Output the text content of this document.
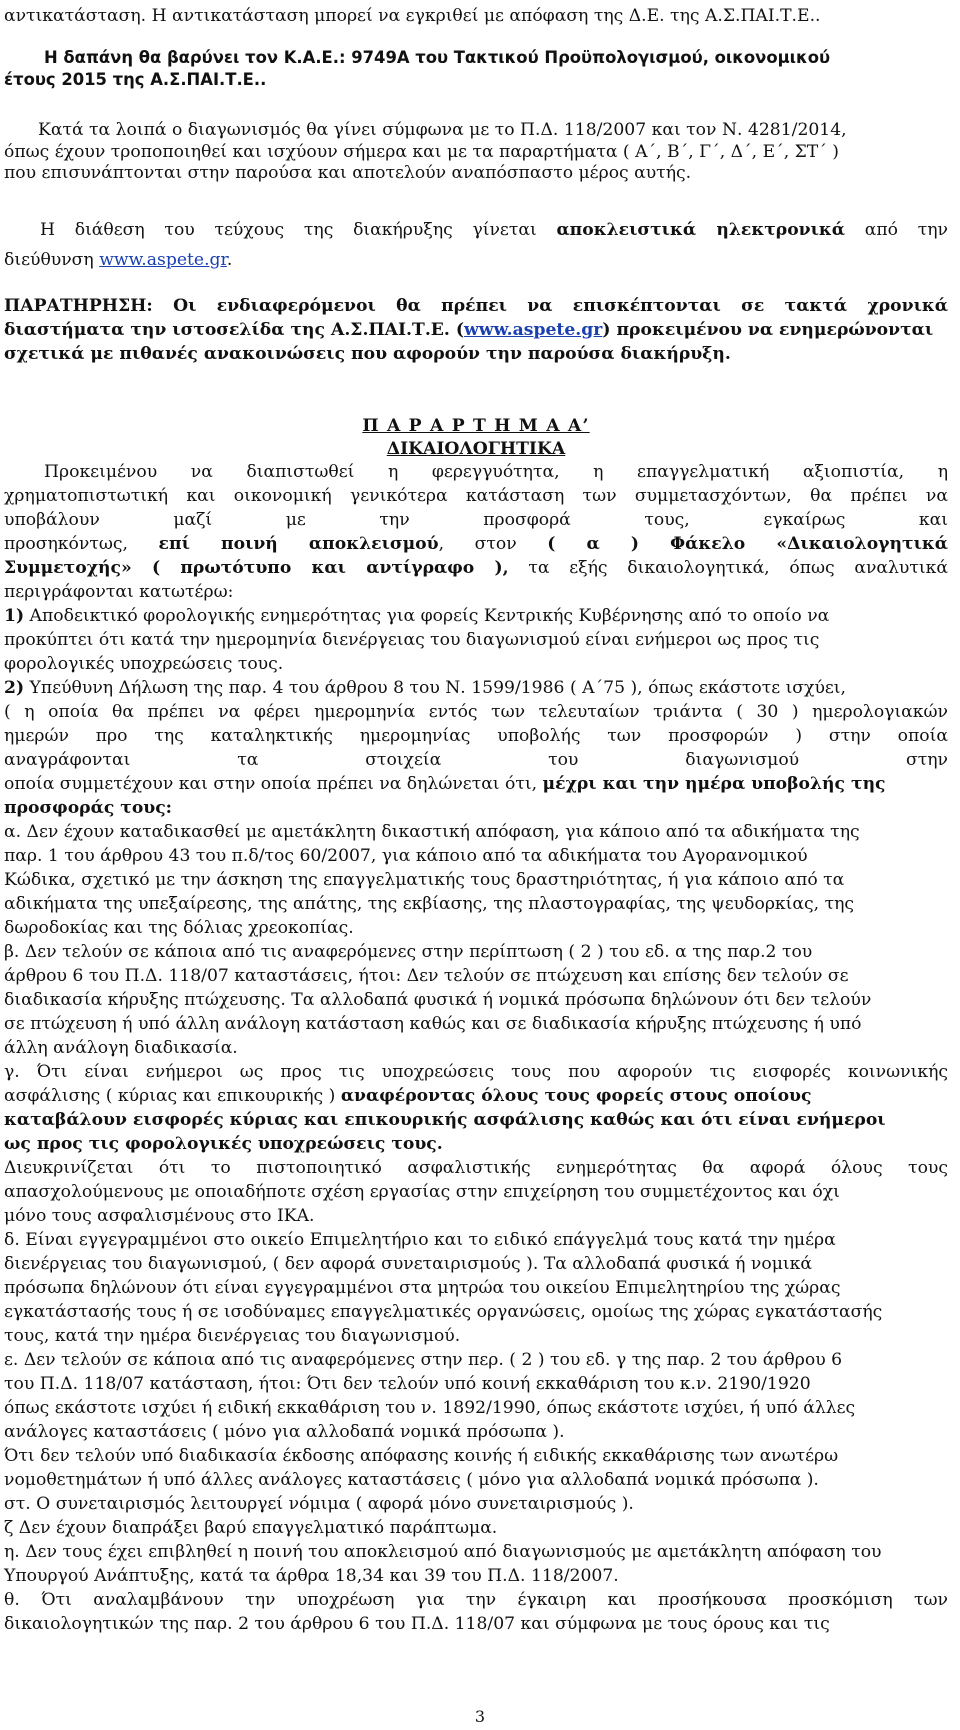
αντικατάσταση. Η αντικατάσταση μπορεί να εγκριθεί με απόφαση της Δ.Ε. της Α.Σ.ΠΑΙ.Τ.Ε..
Η δαπάνη θα βαρύνει τον Κ.Α.Ε.: 9749Α του Τακτικού Προϋπολογισμού, οικονομικού
έτους 2015 της Α.Σ.ΠΑΙ.Τ.Ε..
Κατά τα λοιπά ο διαγωνισμός θα γίνει σύμφωνα με το Π.Δ. 118/2007 και τον Ν. 4281/2014,
όπως έχουν τροποποιηθεί και ισχύουν σήμερα και με τα παραρτήματα ( Α΄, Β΄, Γ΄, Δ΄, Ε΄, ΣΤ΄ )
που επισυνάπτονται στην παρούσα και αποτελούν αναπόσπαστο μέρος αυτής.
Η διάθεση του τεύχους της διακήρυξης γίνεται αποκλειστικά ηλεκτρονικά από την
διεύθυνση www.aspete.gr.
ΠΑΡΑΤΗΡΗΣΗ: Οι ενδιαφερόμενοι θα πρέπει να επισκέπτονται σε τακτά χρονικά
διαστήματα την ιστοσελίδα της Α.Σ.ΠΑΙ.Τ.Ε. (www.aspete.gr) προκειμένου να ενημερώνονται
σχετικά με πιθανές ανακοινώσεις που αφορούν την παρούσα διακήρυξη.
Π Α Ρ Α Ρ Τ Η Μ Α Α’
ΔΙΚΑΙΟΛΟΓΗΤΙΚΑ
Προκειμένου να διαπιστωθεί η φερεγγυότητα, η επαγγελματική αξιοπιστία, η
χρηματοπιστωτική και οικονομική γενικότερα κατάσταση των συμμετασχόντων, θα πρέπει να
υποβάλουν μαζί με την προσφορά τους, εγκαίρως και
προσηκόντως, επί ποινή αποκλεισμού, στον ( α ) Φάκελο «Δικαιολογητικά
Συμμετοχής» ( πρωτότυπο και αντίγραφο ), τα εξής δικαιολογητικά, όπως αναλυτικά
περιγράφονται κατωτέρω:
1) Αποδεικτικό φορολογικής ενημερότητας για φορείς Κεντρικής Κυβέρνησης από το οποίο να
προκύπτει ότι κατά την ημερομηνία διενέργειας του διαγωνισμού είναι ενήμεροι ως προς τις
φορολογικές υποχρεώσεις τους.
2) Υπεύθυνη Δήλωση της παρ. 4 του άρθρου 8 του Ν. 1599/1986 ( Α΄75 ), όπως εκάστοτε ισχύει,
( η οποία θα πρέπει να φέρει ημερομηνία εντός των τελευταίων τριάντα ( 30 ) ημερολογιακών
ημερών προ της καταληκτικής ημερομηνίας υποβολής των προσφορών ) στην οποία
αναγράφονται τα στοιχεία του διαγωνισμού στην
οποία συμμετέχουν και στην οποία πρέπει να δηλώνεται ότι, μέχρι και την ημέρα υποβολής της
προσφοράς τους:
α. Δεν έχουν καταδικασθεί με αμετάκλητη δικαστική απόφαση, για κάποιο από τα αδικήματα της
παρ. 1 του άρθρου 43 του π.δ/τος 60/2007, για κάποιο από τα αδικήματα του Αγορανομικού
Κώδικα, σχετικό με την άσκηση της επαγγελματικής τους δραστηριότητας, ή για κάποιο από τα
αδικήματα της υπεξαίρεσης, της απάτης, της εκβίασης, της πλαστογραφίας, της ψευδορκίας, της
δωροδοκίας και της δόλιας χρεοκοπίας.
β. Δεν τελούν σε κάποια από τις αναφερόμενες στην περίπτωση ( 2 ) του εδ. α της παρ.2 του
άρθρου 6 του Π.Δ. 118/07 καταστάσεις, ήτοι: Δεν τελούν σε πτώχευση και επίσης δεν τελούν σε
διαδικασία κήρυξης πτώχευσης. Τα αλλοδαπά φυσικά ή νομικά πρόσωπα δηλώνουν ότι δεν τελούν
σε πτώχευση ή υπό άλλη ανάλογη κατάσταση καθώς και σε διαδικασία κήρυξης πτώχευσης ή υπό
άλλη ανάλογη διαδικασία.
γ. Ότι είναι ενήμεροι ως προς τις υποχρεώσεις τους που αφορούν τις εισφορές κοινωνικής
ασφάλισης ( κύριας και επικουρικής ) αναφέροντας όλους τους φορείς στους οποίους
καταβάλουν εισφορές κύριας και επικουρικής ασφάλισης καθώς και ότι είναι ενήμεροι
ως προς τις φορολογικές υποχρεώσεις τους.
Διευκρινίζεται ότι το πιστοποιητικό ασφαλιστικής ενημερότητας θα αφορά όλους τους
απασχολούμενους με οποιαδήποτε σχέση εργασίας στην επιχείρηση του συμμετέχοντος και όχι
μόνο τους ασφαλισμένους στο ΙΚΑ.
δ. Είναι εγγεγραμμένοι στο οικείο Επιμελητήριο και το ειδικό επάγγελμά τους κατά την ημέρα
διενέργειας του διαγωνισμού, ( δεν αφορά συνεταιρισμούς ). Τα αλλοδαπά φυσικά ή νομικά
πρόσωπα δηλώνουν ότι είναι εγγεγραμμένοι στα μητρώα του οικείου Επιμελητηρίου της χώρας
εγκατάστασής τους ή σε ισοδύναμες επαγγελματικές οργανώσεις, ομοίως της χώρας εγκατάστασής
τους, κατά την ημέρα διενέργειας του διαγωνισμού.
ε. Δεν τελούν σε κάποια από τις αναφερόμενες στην περ. ( 2 ) του εδ. γ της παρ. 2 του άρθρου 6
του Π.Δ. 118/07 κατάσταση, ήτοι: Ότι δεν τελούν υπό κοινή εκκαθάριση του κ.ν. 2190/1920
όπως εκάστοτε ισχύει ή ειδική εκκαθάριση του ν. 1892/1990, όπως εκάστοτε ισχύει, ή υπό άλλες
ανάλογες καταστάσεις ( μόνο για αλλοδαπά νομικά πρόσωπα ).
Ότι δεν τελούν υπό διαδικασία έκδοσης απόφασης κοινής ή ειδικής εκκαθάρισης των ανωτέρω
νομοθετημάτων ή υπό άλλες ανάλογες καταστάσεις ( μόνο για αλλοδαπά νομικά πρόσωπα ).
στ. Ο συνεταιρισμός λειτουργεί νόμιμα ( αφορά μόνο συνεταιρισμούς ).
ζ Δεν έχουν διαπράξει βαρύ επαγγελματικό παράπτωμα.
η. Δεν τους έχει επιβληθεί η ποινή του αποκλεισμού από διαγωνισμούς με αμετάκλητη απόφαση του
Υπουργού Ανάπτυξης, κατά τα άρθρα 18,34 και 39 του Π.Δ. 118/2007.
θ. Ότι αναλαμβάνουν την υποχρέωση για την έγκαιρη και προσήκουσα προσκόμιση των
δικαιολογητικών της παρ. 2 του άρθρου 6 του Π.Δ. 118/07 και σύμφωνα με τους όρους και τις
3
